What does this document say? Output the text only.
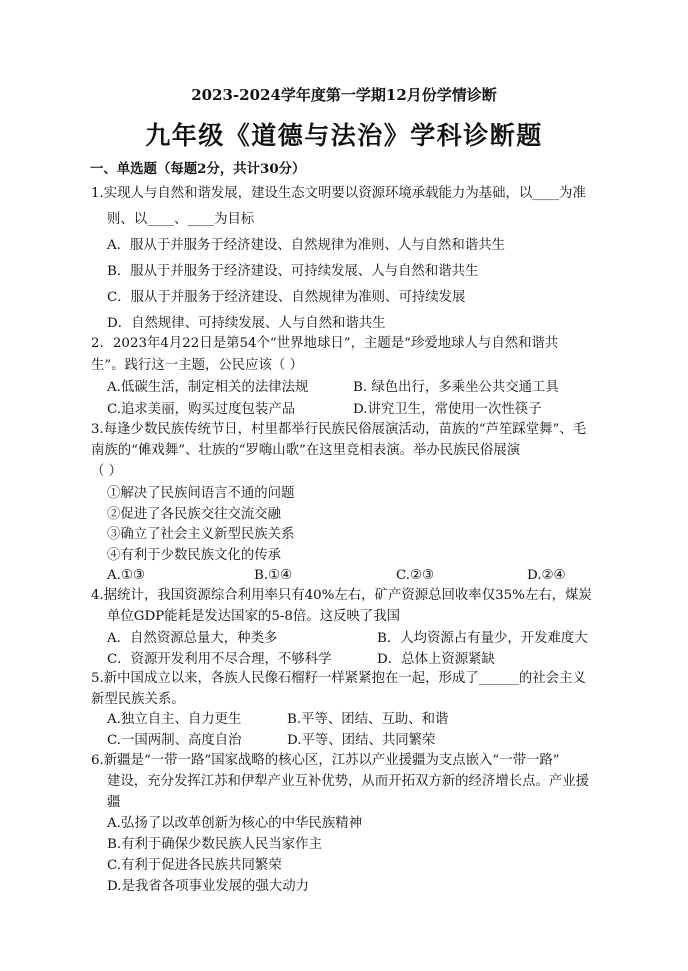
2023-2024学年度第一学期12月份学情诊断
九年级《道德与法治》学科诊断题
一、单选题（每题2分，共计30分）
1.实现人与自然和谐发展，建设生态文明要以资源环境承载能力为基础，以____为准
则、以____、____为目标
A．服从于并服务于经济建设、自然规律为准则、人与自然和谐共生
B．服从于并服务于经济建设、可持续发展、人与自然和谐共生
C．服从于并服务于经济建设、自然规律为准则、可持续发展
D．自然规律、可持续发展、人与自然和谐共生
2．2023年4月22日是第54个“世界地球日”，主题是“珍爱地球人与自然和谐共
生”。践行这一主题，公民应该（ ）
A.低碳生活，制定相关的法律法规	B. 绿色出行，多乘坐公共交通工具
C.追求美丽，购买过度包装产品	D.讲究卫生，常使用一次性筷子
3.每逢少数民族传统节日，村里都举行民族民俗展演活动，苗族的“芦笙踩堂舞”、毛
南族的“傩戏舞”、壮族的“罗嗨山歌”在这里竞相表演。举办民族民俗展演
（ ）
①解决了民族间语言不通的问题
②促进了各民族交往交流交融
③确立了社会主义新型民族关系
④有利于少数民族文化的传承
A.①③	B.①④	C.②③	D.②④
4.据统计，我国资源综合利用率只有40%左右，矿产资源总回收率仅35%左右，煤炭
单位GDP能耗是发达国家的5-8倍。这反映了我国
A．自然资源总量大，种类多	B．人均资源占有量少，开发难度大
C．资源开发利用不尽合理，不够科学	D．总体上资源紧缺
5.新中国成立以来，各族人民像石榴籽一样紧紧抱在一起，形成了______的社会主义
新型民族关系。
A.独立自主、自力更生	B.平等、团结、互助、和谐
C.一国两制、高度自治	D.平等、团结、共同繁荣
6.新疆是“一带一路”国家战略的核心区，江苏以产业援疆为支点嵌入“一带一路”
建设，充分发挥江苏和伊犁产业互补优势，从而开拓双方新的经济增长点。产业援
疆
A.弘扬了以改革创新为核心的中华民族精神
B.有利于确保少数民族人民当家作主
C.有利于促进各民族共同繁荣
D.是我省各项事业发展的强大动力
